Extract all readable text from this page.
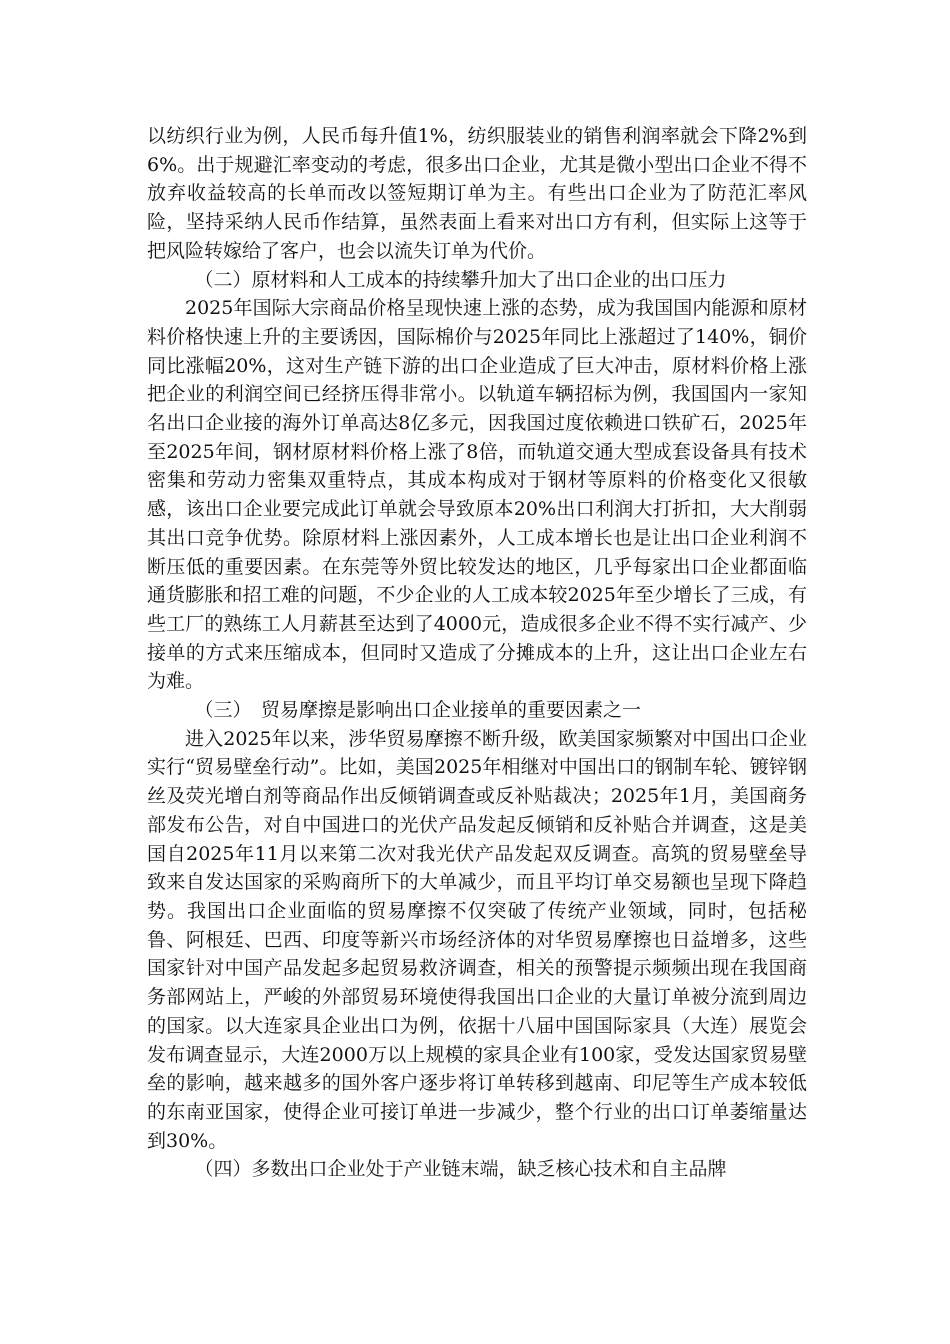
以纺织行业为例，人民币每升值1%，纺织服装业的销售利润率就会下降2%到6%。出于规避汇率变动的考虑，很多出口企业，尤其是微小型出口企业不得不放弃收益较高的长单而改以签短期订单为主。有些出口企业为了防范汇率风险，坚持采纳人民币作结算，虽然表面上看来对出口方有利，但实际上这等于把风险转嫁给了客户，也会以流失订单为代价。

（二）原材料和人工成本的持续攀升加大了出口企业的出口压力

2025年国际大宗商品价格呈现快速上涨的态势，成为我国国内能源和原材料价格快速上升的主要诱因，国际棉价与2025年同比上涨超过了140%，铜价同比涨幅20%，这对生产链下游的出口企业造成了巨大冲击，原材料价格上涨把企业的利润空间已经挤压得非常小。以轨道车辆招标为例，我国国内一家知名出口企业接的海外订单高达8亿多元，因我国过度依赖进口铁矿石，2025年至2025年间，钢材原材料价格上涨了8倍，而轨道交通大型成套设备具有技术密集和劳动力密集双重特点，其成本构成对于钢材等原料的价格变化又很敏感，该出口企业要完成此订单就会导致原本20%出口利润大打折扣，大大削弱其出口竞争优势。除原材料上涨因素外，人工成本增长也是让出口企业利润不断压低的重要因素。在东莞等外贸比较发达的地区，几乎每家出口企业都面临通货膨胀和招工难的问题，不少企业的人工成本较2025年至少增长了三成，有些工厂的熟练工人月薪甚至达到了4000元，造成很多企业不得不实行减产、少接单的方式来压缩成本，但同时又造成了分摊成本的上升，这让出口企业左右为难。

（三）　贸易摩擦是影响出口企业接单的重要因素之一

进入2025年以来，涉华贸易摩擦不断升级，欧美国家频繁对中国出口企业实行“贸易壁垒行动”。比如，美国2025年相继对中国出口的钢制车轮、镀锌钢丝及荧光增白剂等商品作出反倾销调查或反补贴裁决；2025年1月，美国商务部发布公告，对自中国进口的光伏产品发起反倾销和反补贴合并调查，这是美国自2025年11月以来第二次对我光伏产品发起双反调查。高筑的贸易壁垒导致来自发达国家的采购商所下的大单减少，而且平均订单交易额也呈现下降趋势。我国出口企业面临的贸易摩擦不仅突破了传统产业领域，同时，包括秘鲁、阿根廷、巴西、印度等新兴市场经济体的对华贸易摩擦也日益增多，这些国家针对中国产品发起多起贸易救济调查，相关的预警提示频频出现在我国商务部网站上，严峻的外部贸易环境使得我国出口企业的大量订单被分流到周边的国家。以大连家具企业出口为例，依据十八届中国国际家具（大连）展览会发布调查显示，大连2000万以上规模的家具企业有100家，受发达国家贸易壁垒的影响，越来越多的国外客户逐步将订单转移到越南、印尼等生产成本较低的东南亚国家，使得企业可接订单进一步减少，整个行业的出口订单萎缩量达到30%。

（四）多数出口企业处于产业链末端，缺乏核心技术和自主品牌
